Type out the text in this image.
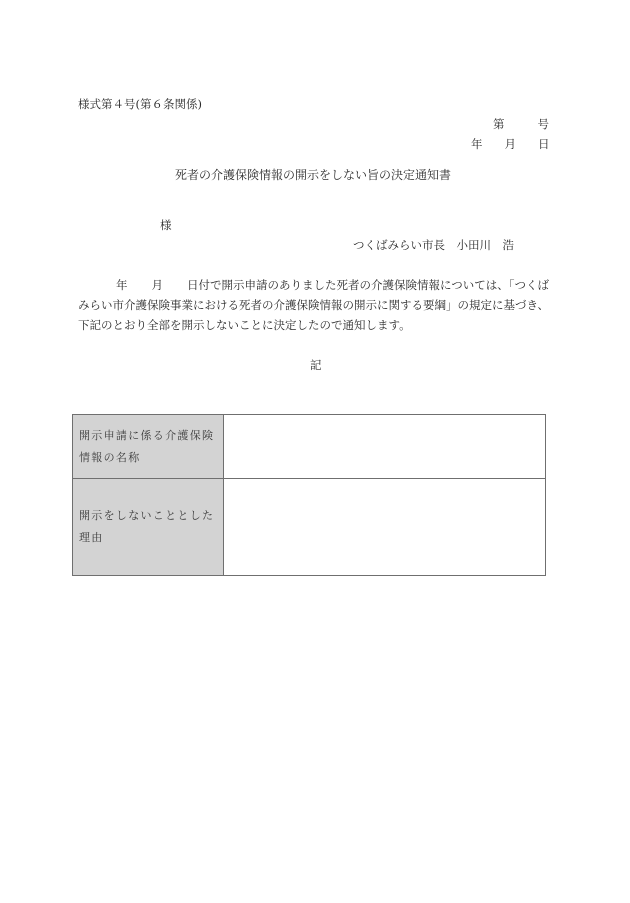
様式第４号(第６条関係)
第	号
年 月 日
死者の介護保険情報の開示をしない旨の決定通知書
様
つくばみらい市長　小田川　浩
年 月 日付で開示申請のありました死者の介護保険情報については、「つくばみらい市介護保険事業における死者の介護保険情報の開示に関する要綱」の規定に基づき、下記のとおり全部を開示しないことに決定したので通知します。
記
開示申請に係る介護保険
情報の名称	

開示をしないこととした
理由	
